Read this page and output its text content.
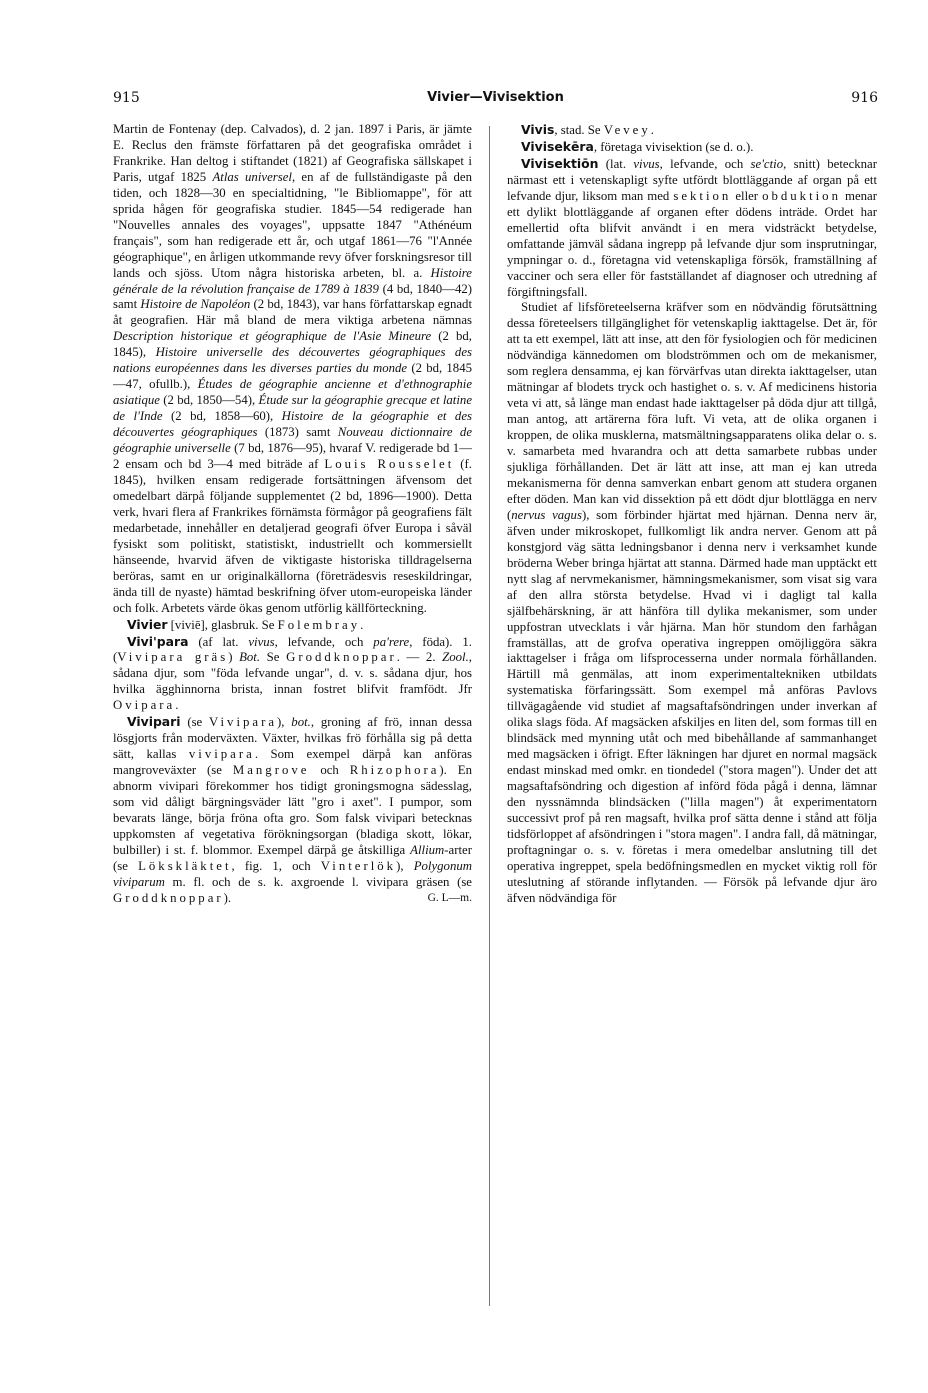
915	Vivier—Vivisektion	916

Martin de Fontenay (dep. Calvados), d. 2 jan. 1897 i Paris, är jämte E. Reclus den främste författaren på det geografiska området i Frankrike. Han deltog i stiftandet (1821) af Geografiska sällskapet i Paris, utgaf 1825 Atlas universel, en af de fullständigaste på den tiden, och 1828—30 en specialtidning, "le Bibliomappe", för att sprida hågen för geografiska studier. 1845—54 redigerade han "Nouvelles annales des voyages", uppsatte 1847 "Athénéum français", som han redigerade ett år, och utgaf 1861—76 "l'Année géographique", en årligen utkommande revy öfver forskningsresor till lands och sjöss. Utom några historiska arbeten, bl. a. Histoire générale de la révolution française de 1789 à 1839 (4 bd, 1840—42) samt Histoire de Napoléon (2 bd, 1843), var hans författarskap egnadt åt geografien. Här må bland de mera viktiga arbetena nämnas Description historique et géographique de l'Asie Mineure (2 bd, 1845), Histoire universelle des découvertes géographiques des nations européennes dans les diverses parties du monde (2 bd, 1845—47, ofullb.), Études de géographie ancienne et d'ethnographie asiatique (2 bd, 1850—54), Étude sur la géographie grecque et latine de l'Inde (2 bd, 1858—60), Histoire de la géographie et des découvertes géographiques (1873) samt Nouveau dictionnaire de géographie universelle (7 bd, 1876—95), hvaraf V. redigerade bd 1—2 ensam och bd 3—4 med biträde af Louis Rousselet (f. 1845), hvilken ensam redigerade fortsättningen äfvensom det omedelbart därpå följande supplementet (2 bd, 1896—1900). Detta verk, hvari flera af Frankrikes förnämsta förmågor på geografiens fält medarbetade, innehåller en detaljerad geografi öfver Europa i såväl fysiskt som politiskt, statistiskt, industriellt och kommersiellt hänseende, hvarvid äfven de viktigaste historiska tilldragelserna beröras, samt en ur originalkällorna (företrädesvis reseskildringar, ända till de nyaste) hämtad beskrifning öfver utom-europeiska länder och folk. Arbetets värde ökas genom utförlig källförteckning.

Vivier [viviē], glasbruk. Se Folembray.

Vivi'para (af lat. vivus, lefvande, och pa'rere, föda). 1. (Vivipara gräs) Bot. Se Groddknoppar. — 2. Zool., sådana djur, som "föda lefvande ungar", d. v. s. sådana djur, hos hvilka ägghinnorna brista, innan fostret blifvit framfödt. Jfr Ovipara.

Vivipari (se Vivipara), bot., groning af frö, innan dessa lösgjorts från moderväxten. Växter, hvilkas frö förhålla sig på detta sätt, kallas vivipara. Som exempel därpå kan anföras mangroveväxter (se Mangrove och Rhizophora). En abnorm vivipari förekommer hos tidigt groningsmogna sädesslag, som vid dåligt bärgningsväder lätt "gro i axet". I pumpor, som bevarats länge, börja fröna ofta gro. Som falsk vivipari betecknas uppkomsten af vegetativa förökningsorgan (bladiga skott, lökar, bulbiller) i st. f. blommor. Exempel därpå ge åtskilliga Allium-arter (se Lökskläktet, fig. 1, och Vinterlök), Polygonum viviparum m. fl. och de s. k. axgroende l. vivipara gräsen (se Groddknoppar).	G. L—m.

Vivis, stad. Se Vevey.

Vivisekēra, företaga vivisektion (se d. o.).

Vivisektiōn (lat. vivus, lefvande, och se'ctio, snitt) betecknar närmast ett i vetenskapligt syfte utfördt blottläggande af organ på ett lefvande djur, liksom man med sektion eller obduktion menar ett dylikt blottläggande af organen efter dödens inträde. Ordet har emellertid ofta blifvit användt i en mera vidsträckt betydelse, omfattande jämväl sådana ingrepp på lefvande djur som insprutningar, ympningar o. d., företagna vid vetenskapliga försök, framställning af vacciner och sera eller för fastställandet af diagnoser och utredning af förgiftningsfall.

Studiet af lifsföreteelserna kräfver som en nödvändig förutsättning dessa företeelsers tillgänglighet för vetenskaplig iakttagelse. Det är, för att ta ett exempel, lätt att inse, att den för fysiologien och för medicinen nödvändiga kännedomen om blodströmmen och om de mekanismer, som reglera densamma, ej kan förvärfvas utan direkta iakttagelser, utan mätningar af blodets tryck och hastighet o. s. v. Af medicinens historia veta vi att, så länge man endast hade iakttagelser på döda djur att tillgå, man antog, att artärerna föra luft. Vi veta, att de olika organen i kroppen, de olika musklerna, matsmältningsapparatens olika delar o. s. v. samarbeta med hvarandra och att detta samarbete rubbas under sjukliga förhållanden. Det är lätt att inse, att man ej kan utreda mekanismerna för denna samverkan enbart genom att studera organen efter döden. Man kan vid dissektion på ett dödt djur blottlägga en nerv (nervus vagus), som förbinder hjärtat med hjärnan. Denna nerv är, äfven under mikroskopet, fullkomligt lik andra nerver. Genom att på konstgjord väg sätta ledningsbanor i denna nerv i verksamhet kunde bröderna Weber bringa hjärtat att stanna. Därmed hade man upptäckt ett nytt slag af nervmekanismer, hämningsmekanismer, som visat sig vara af den allra största betydelse. Hvad vi i dagligt tal kalla själfbehärskning, är att hänföra till dylika mekanismer, som under uppfostran utvecklats i vår hjärna. Man hör stundom den farhågan framställas, att de grofva operativa ingreppen omöjliggöra säkra iakttagelser i fråga om lifsprocesserna under normala förhållanden. Härtill må genmälas, att inom experimentaltekniken utbildats systematiska förfaringssätt. Som exempel må anföras Pavlovs tillvägagående vid studiet af magsaftafsöndringen under inverkan af olika slags föda. Af magsäcken afskiljes en liten del, som formas till en blindsäck med mynning utåt och med bibehållande af sammanhanget med magsäcken i öfrigt. Efter läkningen har djuret en normal magsäck endast minskad med omkr. en tiondedel ("stora magen"). Under det att magsaftafsöndring och digestion af införd föda pågå i denna, lämnar den nyssnämnda blindsäcken ("lilla magen") åt experimentatorn successivt prof på ren magsaft, hvilka prof sätta denne i stånd att följa tidsförloppet af afsöndringen i "stora magen". I andra fall, då mätningar, proftagningar o. s. v. företas i mera omedelbar anslutning till det operativa ingreppet, spela bedöfningsmedlen en mycket viktig roll för uteslutning af störande inflytanden. — Försök på lefvande djur äro äfven nödvändiga för
